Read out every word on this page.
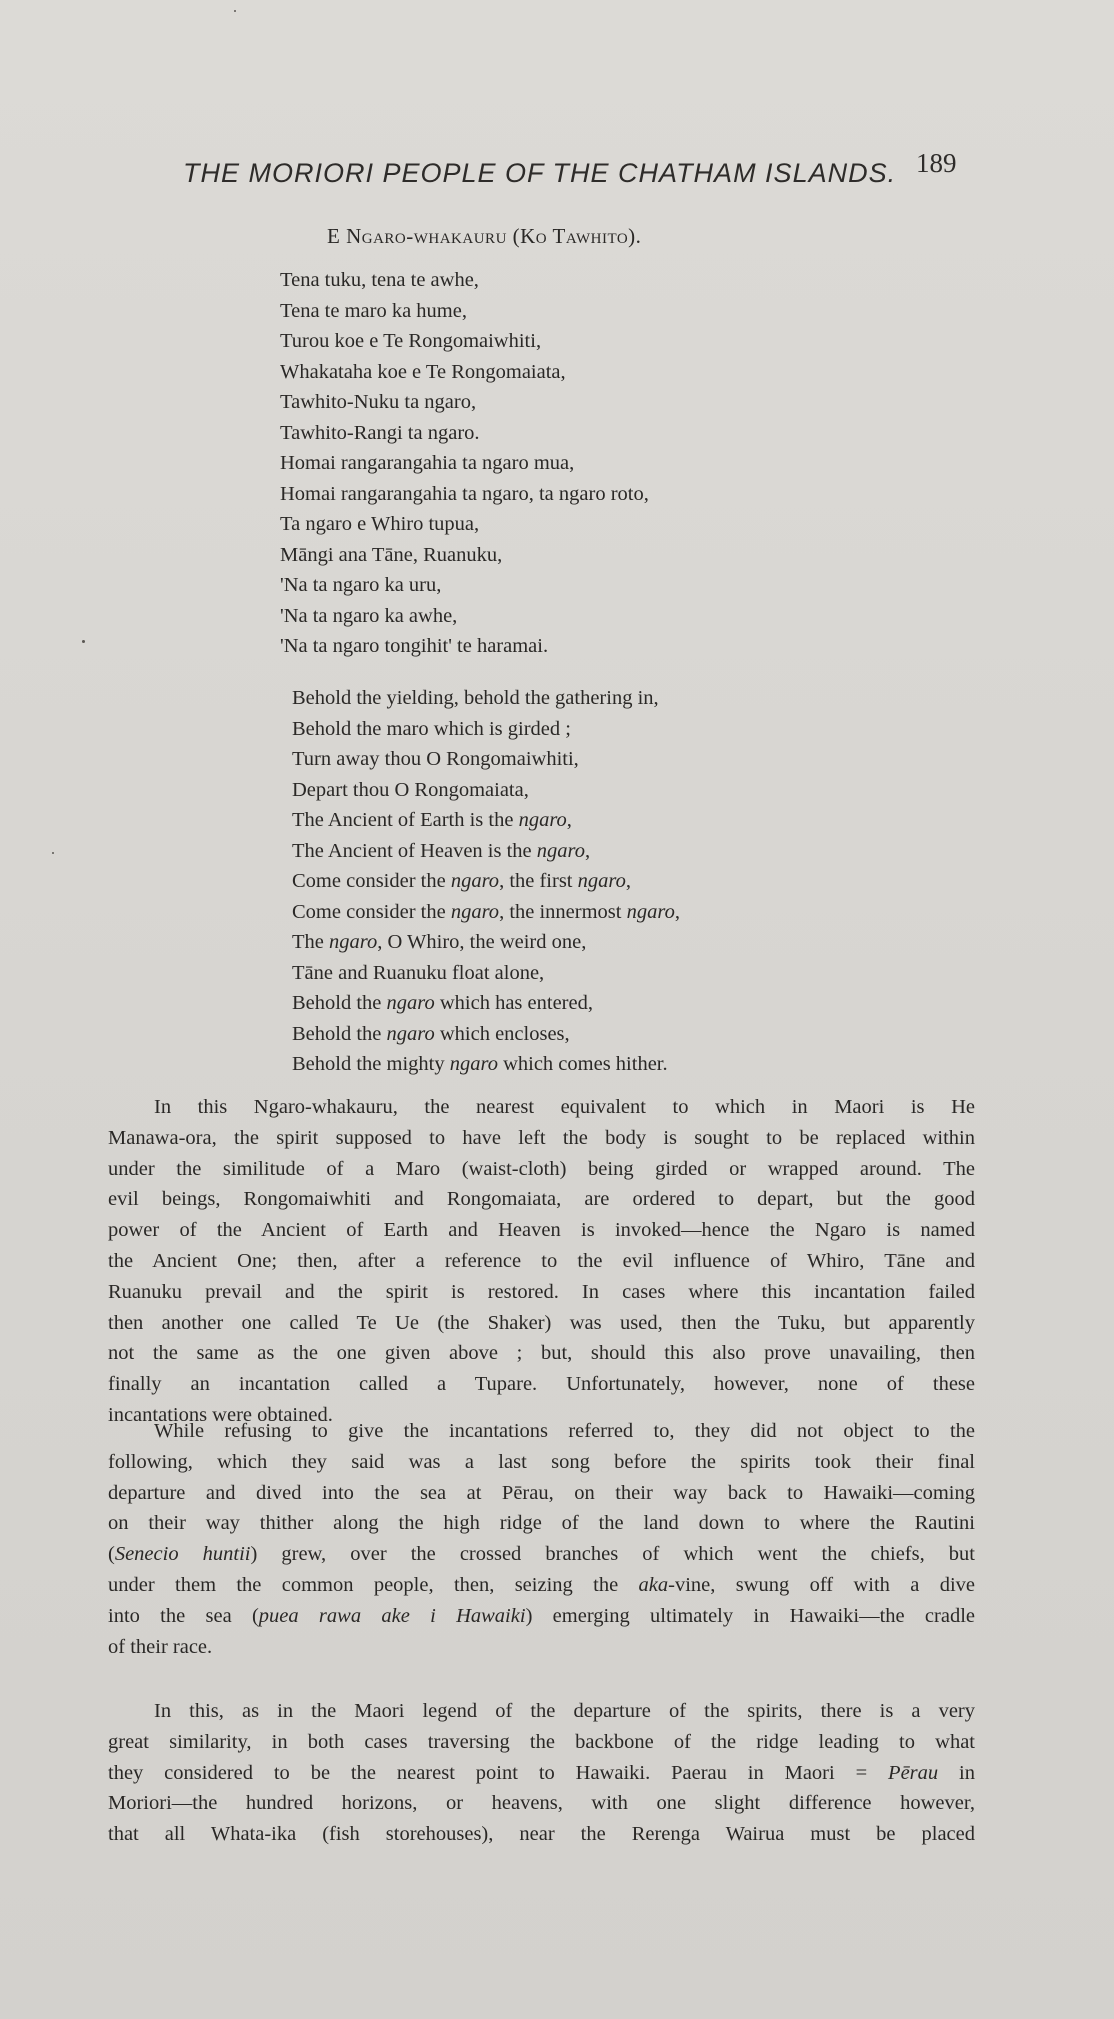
THE MORIORI PEOPLE OF THE CHATHAM ISLANDS. 189
E Ngaro-whakauru (Ko Tawhito).
Tena tuku, tena te awhe,
Tena te maro ka hume,
Turou koe e Te Rongomaiwhiti,
Whakataha koe e Te Rongomaiata,
Tawhito-Nuku ta ngaro,
Tawhito-Rangi ta ngaro.
Homai rangarangahia ta ngaro mua,
Homai rangarangahia ta ngaro, ta ngaro roto,
Ta ngaro e Whiro tupua,
Māngi ana Tāne, Ruanuku,
'Na ta ngaro ka uru,
'Na ta ngaro ka awhe,
'Na ta ngaro tongihit' te haramai.
Behold the yielding, behold the gathering in,
Behold the maro which is girded ;
Turn away thou O Rongomaiwhiti,
Depart thou O Rongomaiata,
The Ancient of Earth is the ngaro,
The Ancient of Heaven is the ngaro,
Come consider the ngaro, the first ngaro,
Come consider the ngaro, the innermost ngaro,
The ngaro, O Whiro, the weird one,
Tāne and Ruanuku float alone,
Behold the ngaro which has entered,
Behold the ngaro which encloses,
Behold the mighty ngaro which comes hither.
In this Ngaro-whakauru, the nearest equivalent to which in Maori is He
Manawa-ora, the spirit supposed to have left the body is sought to be replaced within
under the similitude of a Maro (waist-cloth) being girded or wrapped around. The
evil beings, Rongomaiwhiti and Rongomaiata, are ordered to depart, but the good
power of the Ancient of Earth and Heaven is invoked—hence the Ngaro is named
the Ancient One; then, after a reference to the evil influence of Whiro, Tāne and
Ruanuku prevail and the spirit is restored. In cases where this incantation failed
then another one called Te Ue (the Shaker) was used, then the Tuku, but apparently
not the same as the one given above ; but, should this also prove unavailing, then
finally an incantation called a Tupare. Unfortunately, however, none of these
incantations were obtained.
While refusing to give the incantations referred to, they did not object to the
following, which they said was a last song before the spirits took their final
departure and dived into the sea at Pērau, on their way back to Hawaiki—coming
on their way thither along the high ridge of the land down to where the Rautini
(Senecio huntii) grew, over the crossed branches of which went the chiefs, but
under them the common people, then, seizing the aka-vine, swung off with a dive
into the sea (puea rawa ake i Hawaiki) emerging ultimately in Hawaiki—the cradle
of their race.
In this, as in the Maori legend of the departure of the spirits, there is a very
great similarity, in both cases traversing the backbone of the ridge leading to what
they considered to be the nearest point to Hawaiki. Paerau in Maori = Pērau in
Moriori—the hundred horizons, or heavens, with one slight difference however,
that all Whata-ika (fish storehouses), near the Rerenga Wairua must be placed
